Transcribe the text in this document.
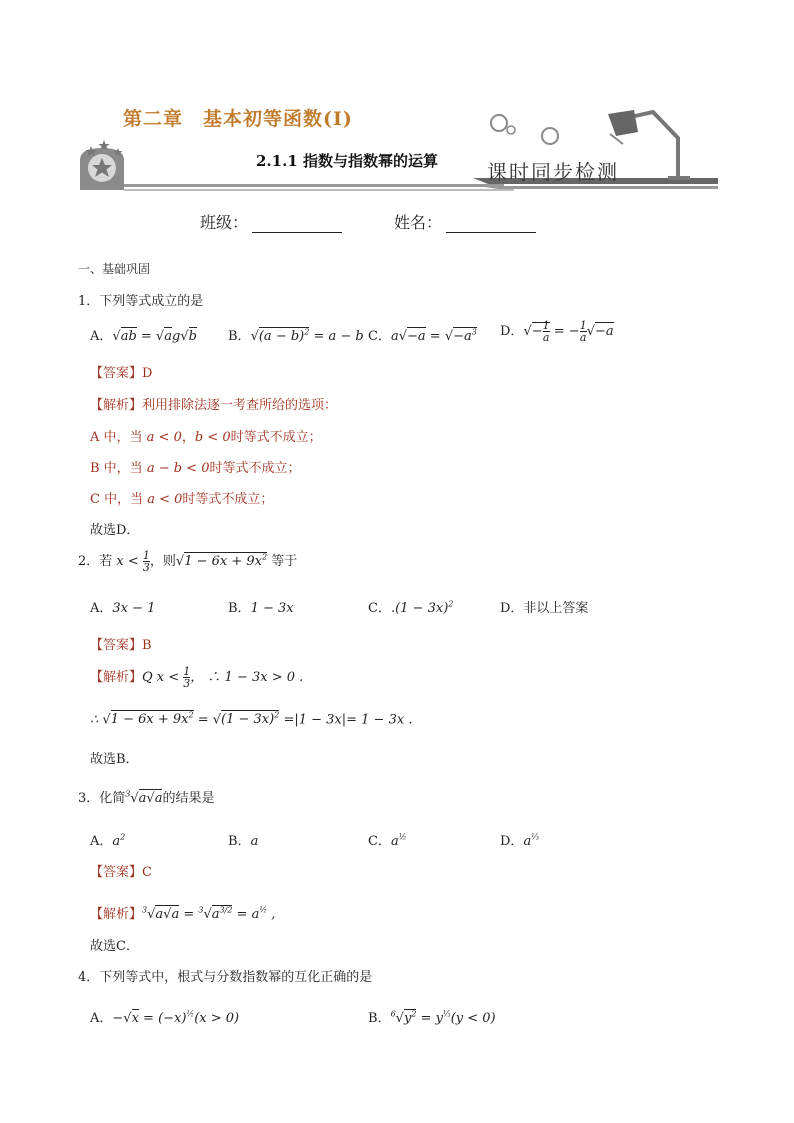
第二章　基本初等函数(Ⅰ)
2.1.1 指数与指数幂的运算 课时同步检测
班级：	姓名：
一、基础巩固
1．下列等式成立的是
A．√ab = √ag√b B．$√(a - b)^2 = a - b$ C．$a√-a = √-a^3$ D．√− $\frac{1}{a}$ = − $\frac{1}{a} √-a$
【答案】D
【解析】利用排除法逐一考查所给的选项：
A 中，当 a < 0，b < 0时等式不成立；
B 中，当 a − b < 0时等式不成立；
C 中，当 a < 0时等式不成立；
故选D．
2．若 $x < \frac{1}{3}$ ，则$√1 - 6x + 9x^2$ 等于
A．3x − 1	B．1 − 3x	C．$.(1 - 3x)^2$	D．非以上答案
【答案】B
【解析】Q $x < \frac{1}{3}$ ， ∴ 1 − 3x > 0 .
∴ $√1 - 6x + 9x^2 = √(1 - 3x)^2 =|1 - 3x|= 1 - 3x$ .
故选B．
3．化简$^3$√a√a的结果是
A．$a^2$	B．a	C．$a^{\frac{1}{2}}$	D．$a^{\frac{1}{3}}$
【答案】C
【解析】$^3√a√a = ^3√a^{3/2} = a^{\frac{1}{2}}$ ,
故选C．
4．下列等式中，根式与分数指数幂的互化正确的是
A．$-√x = (-x)^{\frac{1}{2}}(x > 0)$	B．$^6√y^2 = y^{\frac{1}{3}}(y < 0)$
